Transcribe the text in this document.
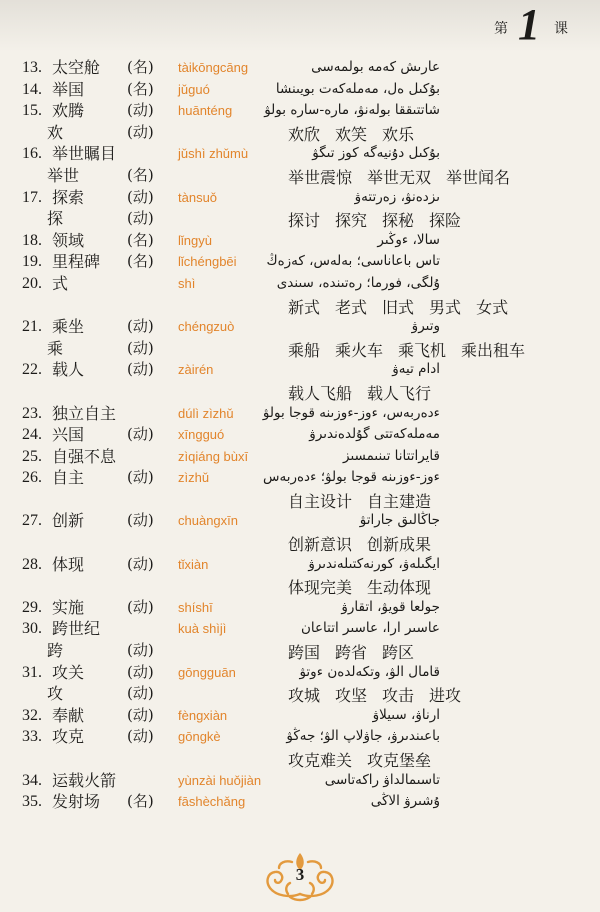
第 1 课
13. 太空舱 (名) tàikōngcāng	عارىش كەمە بولمەسى
14. 举国	(名) jǔguó	بۇكىل ەل، مەملەكەت بويىنشا
15. 欢腾	(动) huānténg شاتتىققا بولەنۋ، مارە-سارە بولۋ
欢	(动)	欢欣 欢笑 欢乐
16. 举世瞩目	jǔshì zhǔmù	بۇكىل دۇنيەگە كوز تىگۋ
举世	(名)	举世震惊 举世无双 举世闻名
17. 探索	(动) tànsuǒ	ىزدەنۋ، زەرتتەۋ
探	(动)	探讨 探究 探秘 探险
18. 领域	(名) lǐngyù	سالا، ءوڭىر
19. 里程碑 (名) lǐchéngbēi تاس باعاناسى؛ بەلەس، كەزەڭ
20. 式	shì	ۇلگى، فورما؛ رەتىندە، سىندى
新式 老式 旧式 男式 女式
21. 乘坐	(动) chéngzuò	وتىرۋ
乘	(动)	乘船 乘火车 乘飞机 乘出租车
22. 载人	(动) zàirén	ادام تيەۋ
载人飞船 载人飞行
23. 独立自主	dúlì zìzhǔ ءدەربەس، ءوز-ءوزىنە قوجا بولۋ
24. 兴国	(动) xīngguó	مەملەكەتتى گۇلدەندىرۋ
25. 自强不息	zìqiáng bùxī	قايراتتانا تىنىمسىز
26. 自主	(动) zìzhǔ	ءوز-ءوزىنە قوجا بولۋ؛ ءدەربەس
自主设计 自主建造
27. 创新	(动) chuàngxīn	جاڭالىق جاراتۋ
创新意识 创新成果
28. 体现	(动) tǐxiàn	ايگىلەۋ، كورنەكتىلەندىرۋ
体现完美 生动体现
29. 实施	(动) shíshī	جولعا قويۋ، اتقارۋ
30. 跨世纪	kuà shìjì	عاسىر ارا، عاسىر اتتاعان
跨	(动)	跨国 跨省 跨区
31. 攻关	(动) gōngguān	قامال الۋ، وتكەلدەن ءوتۋ
攻	(动)	攻城 攻坚 攻击 进攻
32. 奉献	(动) fèngxiàn	ارناۋ، سىيلاۋ
33. 攻克	(动) gōngkè	باعىندىرۋ، جاۋلاپ الۋ؛ جەڭۋ
攻克难关 攻克堡垒
34. 运载火箭	yùnzài huǒjiàn	تاسىمالداۋ راكەتاسى
35. 发射场 (名) fāshèchǎng	ۇشىرۋ الاڭى
3
